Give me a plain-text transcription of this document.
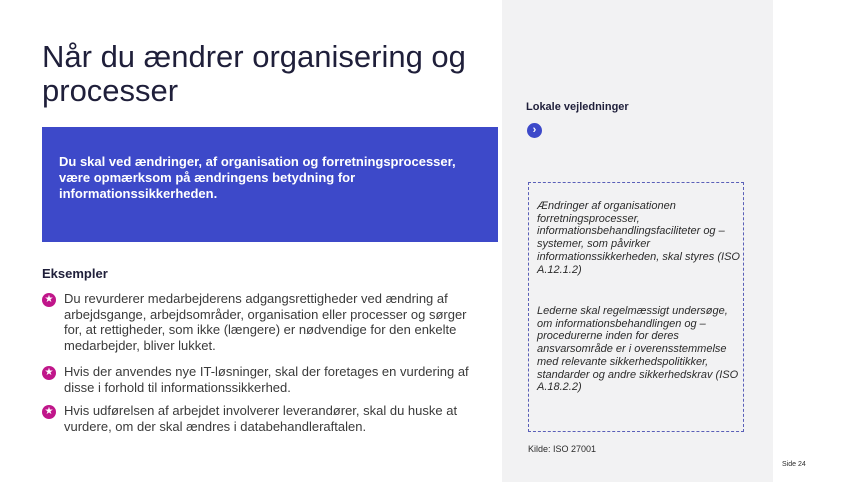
Når du ændrer organisering og processer

Du skal ved ændringer, af organisation og forretningsprocesser, være opmærksom på ændringens betydning for informationssikkerheden.

Eksempler
★ Du revurderer medarbejderens adgangsrettigheder ved ændring af arbejdsgange, arbejdsområder, organisation eller processer og sørger for, at rettigheder, som ikke (længere) er nødvendige for den enkelte medarbejder, bliver lukket.
★ Hvis der anvendes nye IT-løsninger, skal der foretages en vurdering af disse i forhold til informationssikkerhed.
★ Hvis udførelsen af arbejdet involverer leverandører, skal du huske at vurdere, om der skal ændres i databehandleraftalen.
Lokale vejledninger
›
Ændringer af organisationen forretningsprocesser, informationsbehandlingsfaciliteter og –systemer, som påvirker informationssikkerheden, skal styres (ISO A.12.1.2)
Lederne skal regelmæssigt undersøge, om informationsbehandlingen og –procedurerne inden for deres ansvarsområde er i overensstemmelse med relevante sikkerhedspolitikker, standarder og andre sikkerhedskrav (ISO A.18.2.2)
Kilde: ISO 27001
Side 24
